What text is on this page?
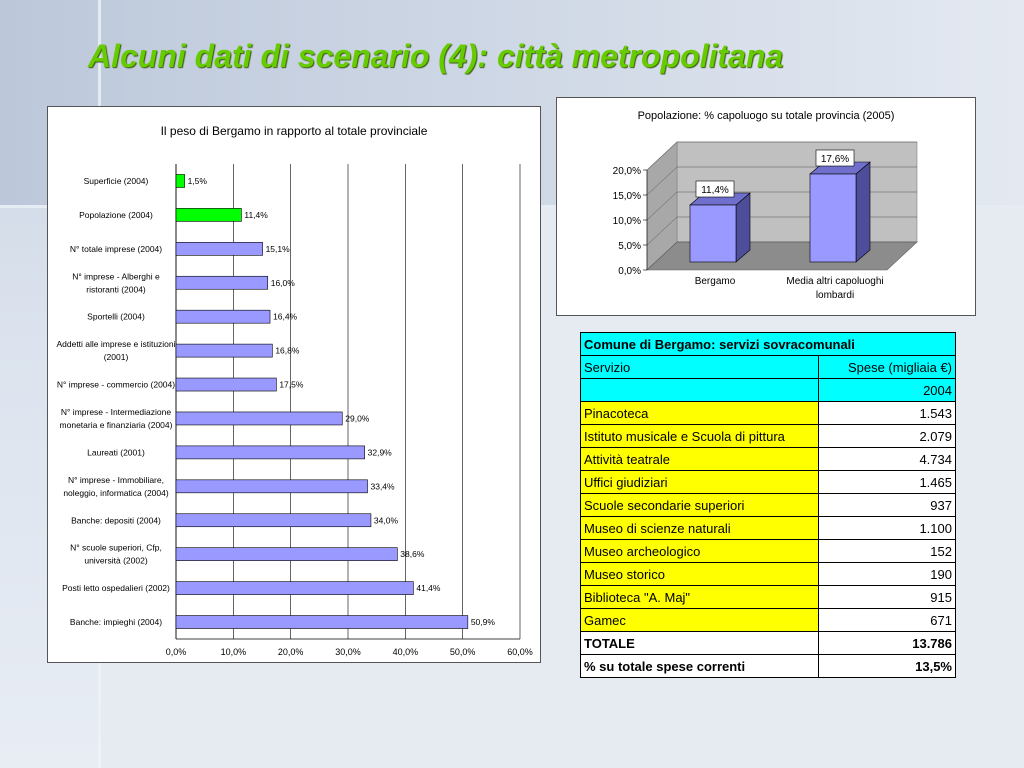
Alcuni dati di scenario (4): città metropolitana
Il peso di Bergamo in rapporto al totale provinciale
0,0%	10,0%	20,0%	30,0%	40,0%	50,0%	60,0%
1,5%
Superficie (2004)
11,4%
Popolazione (2004)
15,1%
N° totale imprese (2004)
16,0%
N° imprese - Alberghi e ristoranti (2004)
16,4%
Sportelli (2004)
16,8%
Addetti alle imprese e istituzioni (2001)
17,5%
N° imprese - commercio (2004)
29,0%
N° imprese - Intermediazione monetaria e finanziaria (2004)
32,9%
Laureati (2001)
33,4%
N° imprese - Immobiliare, noleggio, informatica (2004)
34,0%
Banche: depositi (2004)
38,6%
N° scuole superiori, Cfp, università (2002)
41,4%
Posti letto ospedalieri (2002)
50,9%
Banche: impieghi (2004)
Popolazione: % capoluogo su totale provincia (2005)
0,0%
5,0%
10,0%
15,0%
20,0%
11,4%
Bergamo
17,6%
Media altri capoluoghi lombardi
Comune di Bergamo: servizi sovracomunali	
Servizio	Spese (migliaia €)
	2004
Pinacoteca	1.543
Istituto musicale e Scuola di pittura	2.079
Attività teatrale	4.734
Uffici giudiziari	1.465
Scuole secondarie superiori	937
Museo di scienze naturali	1.100
Museo archeologico	152
Museo storico	190
Biblioteca "A. Maj"	915
Gamec	671
TOTALE	13.786
% su totale spese correnti	13,5%
